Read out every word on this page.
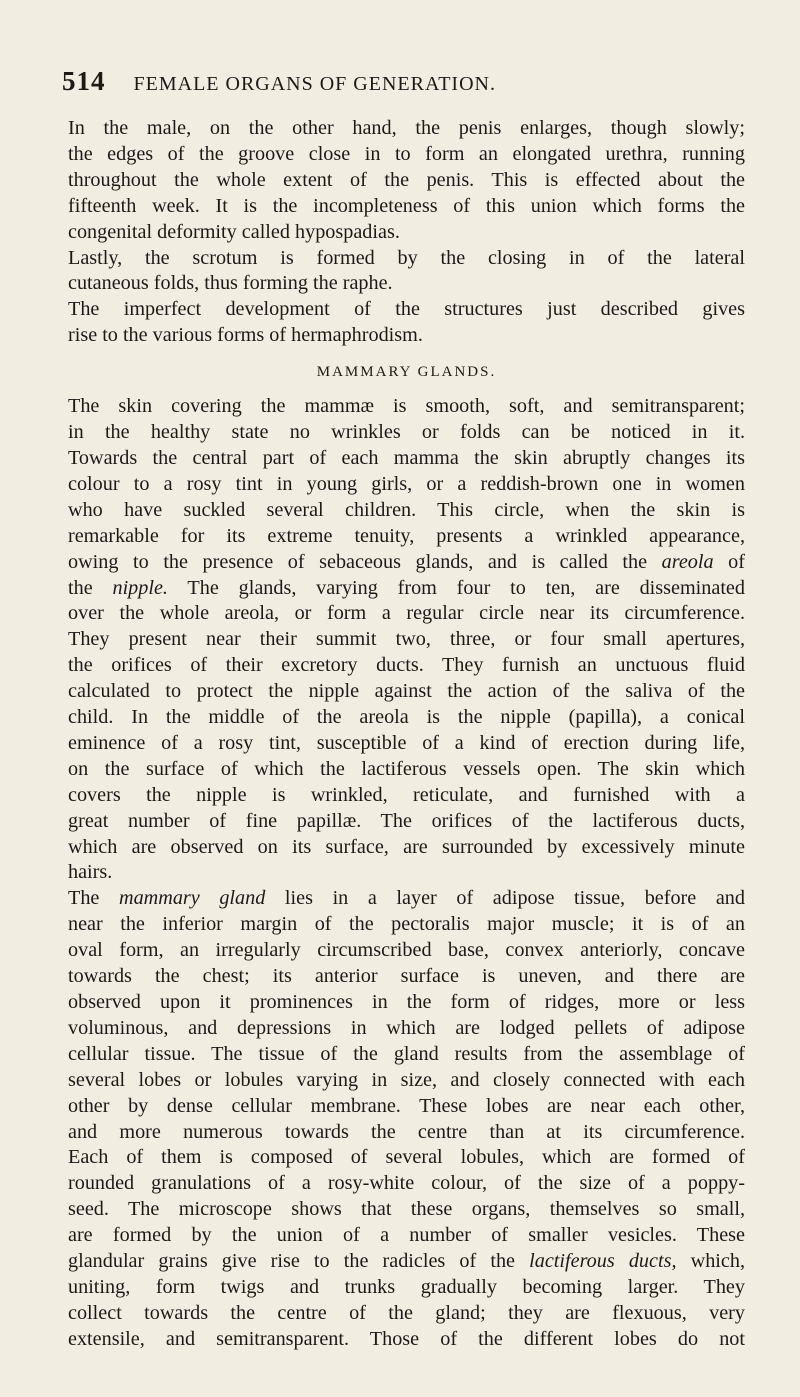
514 FEMALE ORGANS OF GENERATION.

In the male, on the other hand, the penis enlarges, though slowly;
the edges of the groove close in to form an elongated urethra, running
throughout the whole extent of the penis. This is effected about the
fifteenth week. It is the incompleteness of this union which forms the
congenital deformity called hypospadias.

Lastly, the scrotum is formed by the closing in of the lateral
cutaneous folds, thus forming the raphe.

The imperfect development of the structures just described gives
rise to the various forms of hermaphrodism.

MAMMARY GLANDS.

The skin covering the mammæ is smooth, soft, and semitransparent;
in the healthy state no wrinkles or folds can be noticed in it.
Towards the central part of each mamma the skin abruptly changes its
colour to a rosy tint in young girls, or a reddish-brown one in women
who have suckled several children. This circle, when the skin is
remarkable for its extreme tenuity, presents a wrinkled appearance,
owing to the presence of sebaceous glands, and is called the areola of
the nipple. The glands, varying from four to ten, are disseminated
over the whole areola, or form a regular circle near its circumference.
They present near their summit two, three, or four small apertures,
the orifices of their excretory ducts. They furnish an unctuous fluid
calculated to protect the nipple against the action of the saliva of the
child. In the middle of the areola is the nipple (papilla), a conical
eminence of a rosy tint, susceptible of a kind of erection during life,
on the surface of which the lactiferous vessels open. The skin which
covers the nipple is wrinkled, reticulate, and furnished with a
great number of fine papillæ. The orifices of the lactiferous ducts,
which are observed on its surface, are surrounded by excessively minute
hairs.

The mammary gland lies in a layer of adipose tissue, before and
near the inferior margin of the pectoralis major muscle; it is of an
oval form, an irregularly circumscribed base, convex anteriorly, concave
towards the chest; its anterior surface is uneven, and there are
observed upon it prominences in the form of ridges, more or less
voluminous, and depressions in which are lodged pellets of adipose
cellular tissue. The tissue of the gland results from the assemblage of
several lobes or lobules varying in size, and closely connected with each
other by dense cellular membrane. These lobes are near each other,
and more numerous towards the centre than at its circumference.
Each of them is composed of several lobules, which are formed of
rounded granulations of a rosy-white colour, of the size of a poppy-
seed. The microscope shows that these organs, themselves so small,
are formed by the union of a number of smaller vesicles. These
glandular grains give rise to the radicles of the lactiferous ducts, which,
uniting, form twigs and trunks gradually becoming larger. They
collect towards the centre of the gland; they are flexuous, very
extensile, and semitransparent. Those of the different lobes do not
